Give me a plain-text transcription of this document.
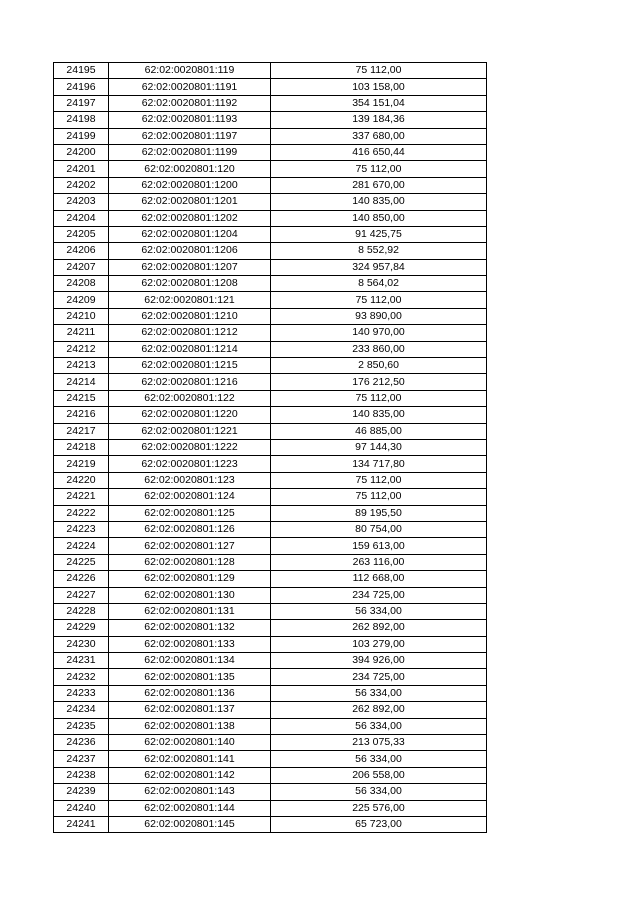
24195	62:02:0020801:119	75 112,00
24196	62:02:0020801:1191	103 158,00
24197	62:02:0020801:1192	354 151,04
24198	62:02:0020801:1193	139 184,36
24199	62:02:0020801:1197	337 680,00
24200	62:02:0020801:1199	416 650,44
24201	62:02:0020801:120	75 112,00
24202	62:02:0020801:1200	281 670,00
24203	62:02:0020801:1201	140 835,00
24204	62:02:0020801:1202	140 850,00
24205	62:02:0020801:1204	91 425,75
24206	62:02:0020801:1206	8 552,92
24207	62:02:0020801:1207	324 957,84
24208	62:02:0020801:1208	8 564,02
24209	62:02:0020801:121	75 112,00
24210	62:02:0020801:1210	93 890,00
24211	62:02:0020801:1212	140 970,00
24212	62:02:0020801:1214	233 860,00
24213	62:02:0020801:1215	2 850,60
24214	62:02:0020801:1216	176 212,50
24215	62:02:0020801:122	75 112,00
24216	62:02:0020801:1220	140 835,00
24217	62:02:0020801:1221	46 885,00
24218	62:02:0020801:1222	97 144,30
24219	62:02:0020801:1223	134 717,80
24220	62:02:0020801:123	75 112,00
24221	62:02:0020801:124	75 112,00
24222	62:02:0020801:125	89 195,50
24223	62:02:0020801:126	80 754,00
24224	62:02:0020801:127	159 613,00
24225	62:02:0020801:128	263 116,00
24226	62:02:0020801:129	112 668,00
24227	62:02:0020801:130	234 725,00
24228	62:02:0020801:131	56 334,00
24229	62:02:0020801:132	262 892,00
24230	62:02:0020801:133	103 279,00
24231	62:02:0020801:134	394 926,00
24232	62:02:0020801:135	234 725,00
24233	62:02:0020801:136	56 334,00
24234	62:02:0020801:137	262 892,00
24235	62:02:0020801:138	56 334,00
24236	62:02:0020801:140	213 075,33
24237	62:02:0020801:141	56 334,00
24238	62:02:0020801:142	206 558,00
24239	62:02:0020801:143	56 334,00
24240	62:02:0020801:144	225 576,00
24241	62:02:0020801:145	65 723,00
